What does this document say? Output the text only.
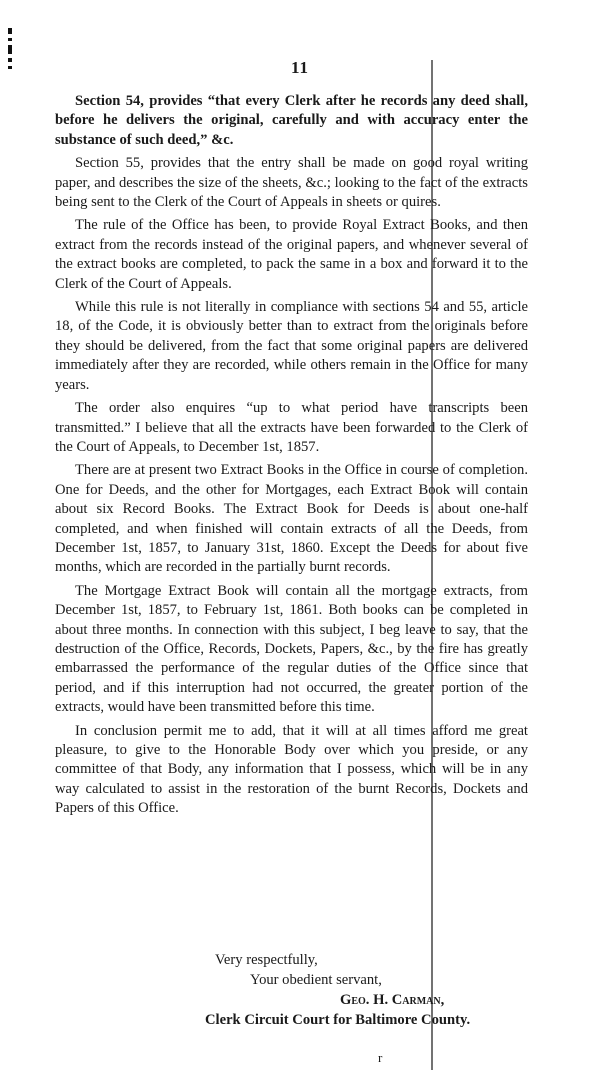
11

Section 54, provides “that every Clerk after he records any deed shall, before he delivers the original, carefully and with accuracy enter the substance of such deed,” &c.

Section 55, provides that the entry shall be made on good royal writing paper, and describes the size of the sheets, &c.; looking to the fact of the extracts being sent to the Clerk of the Court of Appeals in sheets or quires.

The rule of the Office has been, to provide Royal Extract Books, and then extract from the records instead of the original papers, and whenever several of the extract books are completed, to pack the same in a box and forward it to the Clerk of the Court of Appeals.

While this rule is not literally in compliance with sections 54 and 55, article 18, of the Code, it is obviously better than to extract from the originals before they should be delivered, from the fact that some original papers are delivered immediately after they are recorded, while others remain in the Office for many years.

The order also enquires “up to what period have transcripts been transmitted.” I believe that all the extracts have been forwarded to the Clerk of the Court of Appeals, to December 1st, 1857.

There are at present two Extract Books in the Office in course of completion. One for Deeds, and the other for Mortgages, each Extract Book will contain about six Record Books. The Extract Book for Deeds is about one-half completed, and when finished will contain extracts of all the Deeds, from December 1st, 1857, to January 31st, 1860. Except the Deeds for about five months, which are recorded in the partially burnt records.

The Mortgage Extract Book will contain all the mortgage extracts, from December 1st, 1857, to February 1st, 1861. Both books can be completed in about three months. In connection with this subject, I beg leave to say, that the destruction of the Office, Records, Dockets, Papers, &c., by the fire has greatly embarrassed the performance of the regular duties of the Office since that period, and if this interruption had not occurred, the greater portion of the extracts, would have been transmitted before this time.

In conclusion permit me to add, that it will at all times afford me great pleasure, to give to the Honorable Body over which you preside, or any committee of that Body, any information that I possess, which will be in any way calculated to assist in the restoration of the burnt Records, Dockets and Papers of this Office.

Very respectfully,
Your obedient servant,
Geo. H. Carman,
Clerk Circuit Court for Baltimore County.
r
